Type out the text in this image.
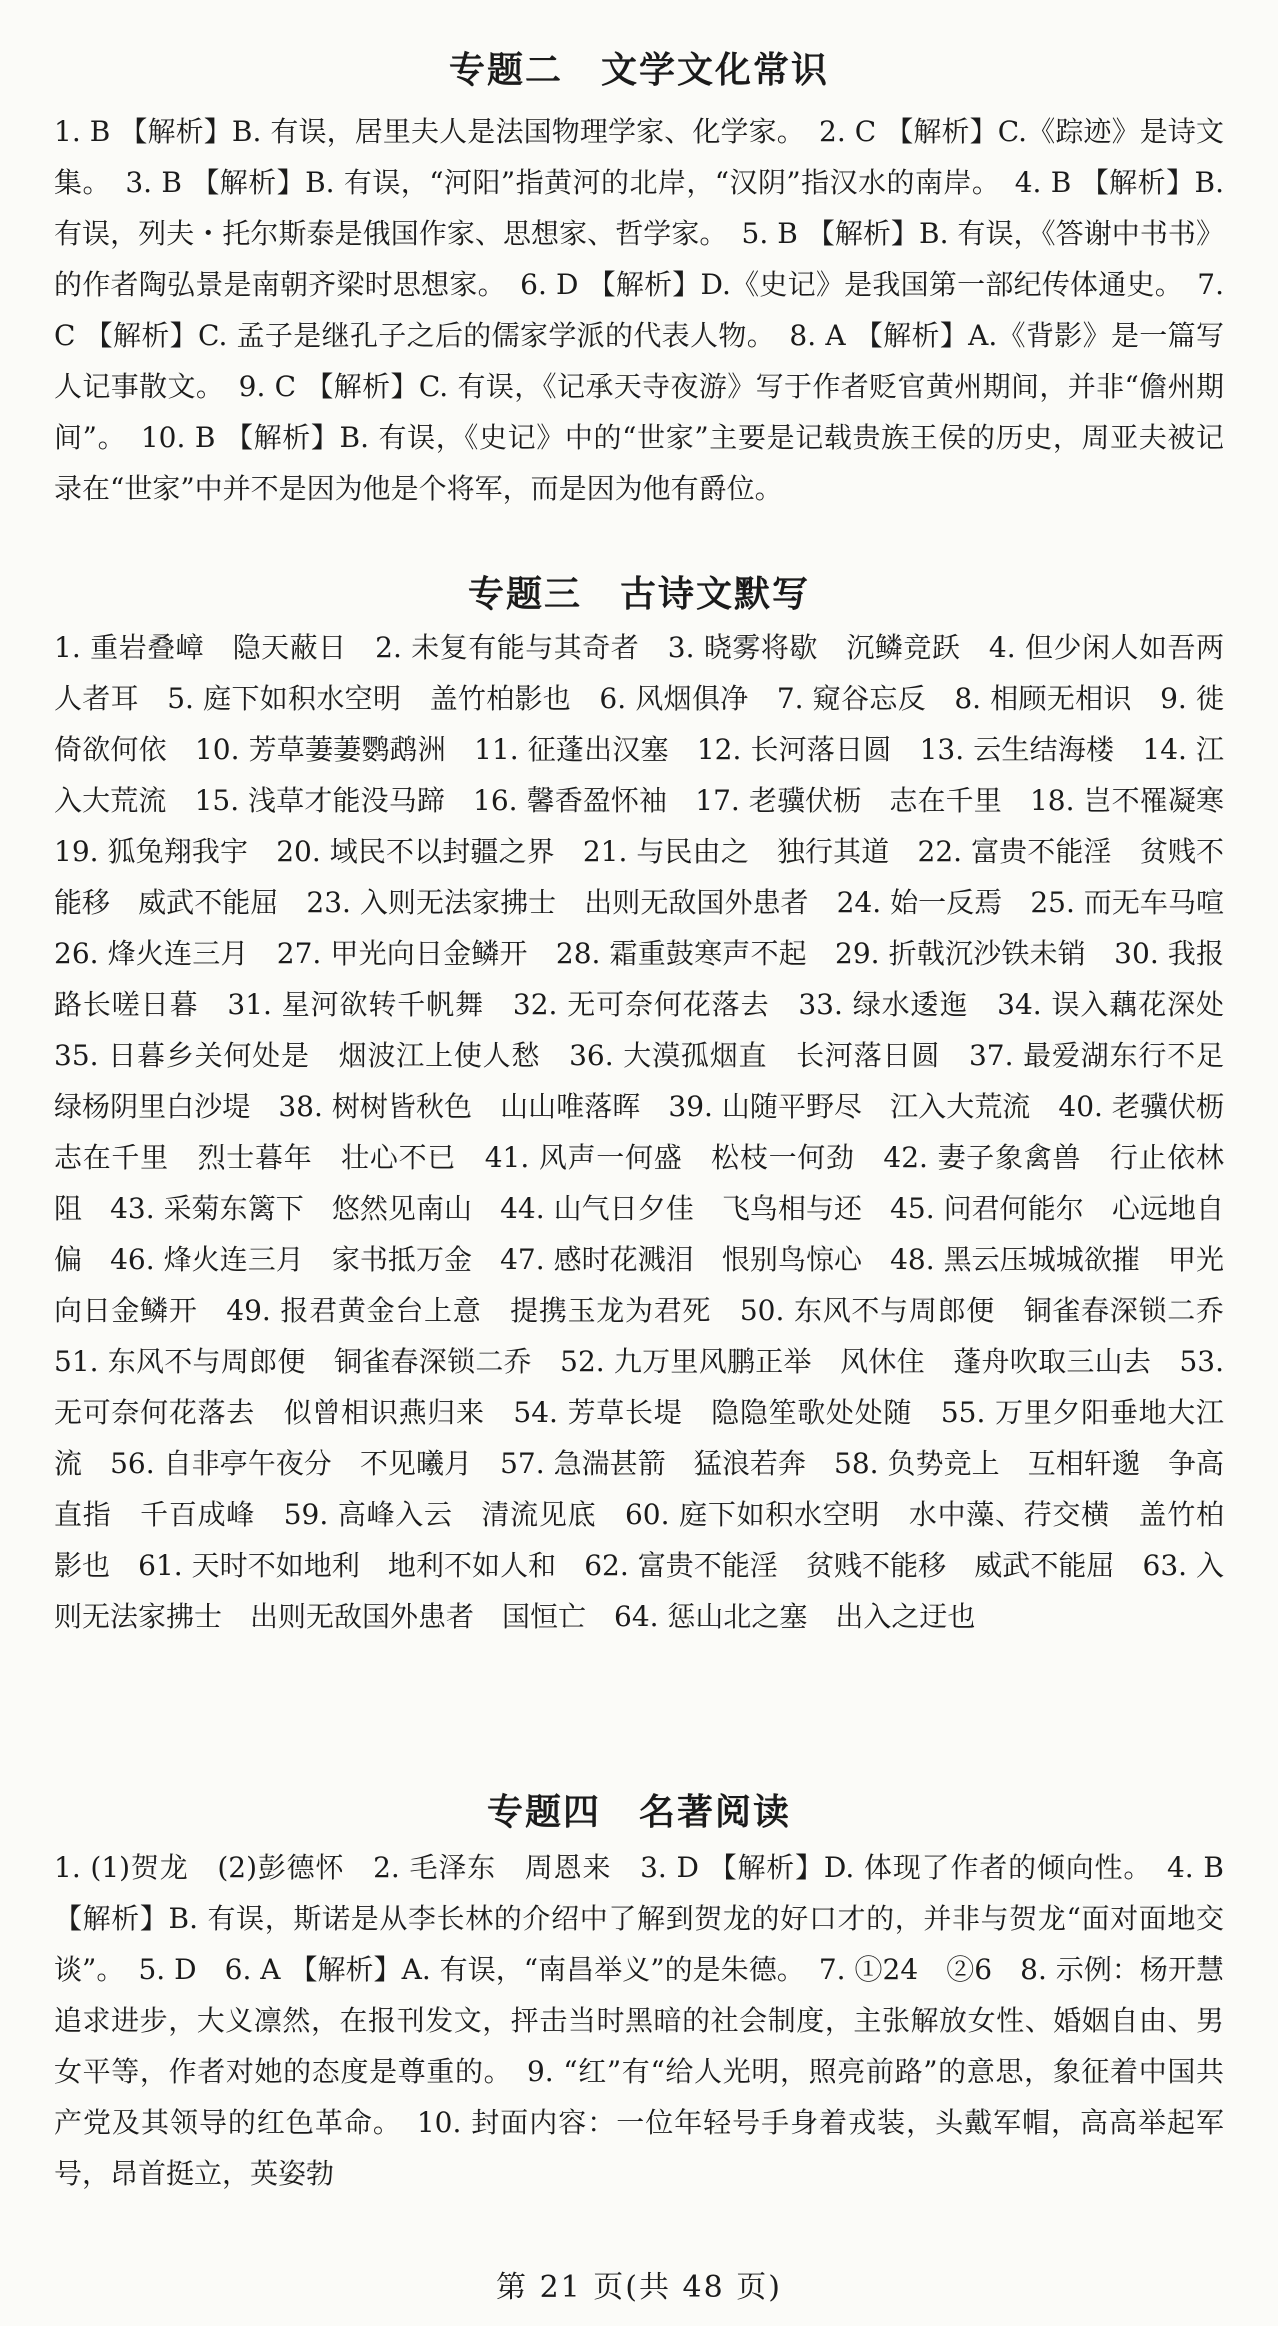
专题二　文学文化常识

1. B 【解析】B. 有误，居里夫人是法国物理学家、化学家。　2. C 【解析】C.《踪迹》是诗文集。　3. B 【解析】B. 有误，“河阳”指黄河的北岸，“汉阴”指汉水的南岸。　4. B 【解析】B. 有误，列夫・托尔斯泰是俄国作家、思想家、哲学家。　5. B 【解析】B. 有误，《答谢中书书》的作者陶弘景是南朝齐梁时思想家。　6. D 【解析】D.《史记》是我国第一部纪传体通史。　7. C 【解析】C. 孟子是继孔子之后的儒家学派的代表人物。　8. A 【解析】A.《背影》是一篇写人记事散文。　9. C 【解析】C. 有误，《记承天寺夜游》写于作者贬官黄州期间，并非“儋州期间”。　10. B 【解析】B. 有误，《史记》中的“世家”主要是记载贵族王侯的历史，周亚夫被记录在“世家”中并不是因为他是个将军，而是因为他有爵位。

专题三　古诗文默写

1. 重岩叠嶂　隐天蔽日　2. 未复有能与其奇者　3. 晓雾将歇　沉鳞竞跃　4. 但少闲人如吾两人者耳　5. 庭下如积水空明　盖竹柏影也　6. 风烟俱净　7. 窥谷忘反　8. 相顾无相识　9. 徙倚欲何依　10. 芳草萋萋鹦鹉洲　11. 征蓬出汉塞　12. 长河落日圆　13. 云生结海楼　14. 江入大荒流　15. 浅草才能没马蹄　16. 馨香盈怀袖　17. 老骥伏枥　志在千里　18. 岂不罹凝寒　19. 狐兔翔我宇　20. 域民不以封疆之界　21. 与民由之　独行其道　22. 富贵不能淫　贫贱不能移　威武不能屈　23. 入则无法家拂士　出则无敌国外患者　24. 始一反焉　25. 而无车马喧　26. 烽火连三月　27. 甲光向日金鳞开　28. 霜重鼓寒声不起　29. 折戟沉沙铁未销　30. 我报路长嗟日暮　31. 星河欲转千帆舞　32. 无可奈何花落去　33. 绿水逶迤　34. 误入藕花深处　35. 日暮乡关何处是　烟波江上使人愁　36. 大漠孤烟直　长河落日圆　37. 最爱湖东行不足　绿杨阴里白沙堤　38. 树树皆秋色　山山唯落晖　39. 山随平野尽　江入大荒流　40. 老骥伏枥　志在千里　烈士暮年　壮心不已　41. 风声一何盛　松枝一何劲　42. 妻子象禽兽　行止依林阻　43. 采菊东篱下　悠然见南山　44. 山气日夕佳　飞鸟相与还　45. 问君何能尔　心远地自偏　46. 烽火连三月　家书抵万金　47. 感时花溅泪　恨别鸟惊心　48. 黑云压城城欲摧　甲光向日金鳞开　49. 报君黄金台上意　提携玉龙为君死　50. 东风不与周郎便　铜雀春深锁二乔　51. 东风不与周郎便　铜雀春深锁二乔　52. 九万里风鹏正举　风休住　蓬舟吹取三山去　53. 无可奈何花落去　似曾相识燕归来　54. 芳草长堤　隐隐笙歌处处随　55. 万里夕阳垂地大江流　56. 自非亭午夜分　不见曦月　57. 急湍甚箭　猛浪若奔　58. 负势竞上　互相轩邈　争高直指　千百成峰　59. 高峰入云　清流见底　60. 庭下如积水空明　水中藻、荇交横　盖竹柏影也　61. 天时不如地利　地利不如人和　62. 富贵不能淫　贫贱不能移　威武不能屈　63. 入则无法家拂士　出则无敌国外患者　国恒亡　64. 惩山北之塞　出入之迂也

专题四　名著阅读

1. (1)贺龙　(2)彭德怀　2. 毛泽东　周恩来　3. D 【解析】D. 体现了作者的倾向性。　4. B 【解析】B. 有误，斯诺是从李长林的介绍中了解到贺龙的好口才的，并非与贺龙“面对面地交谈”。　5. D　6. A 【解析】A. 有误，“南昌举义”的是朱德。　7. ①24　②6　8. 示例：杨开慧追求进步，大义凛然，在报刊发文，抨击当时黑暗的社会制度，主张解放女性、婚姻自由、男女平等，作者对她的态度是尊重的。　9. “红”有“给人光明，照亮前路”的意思，象征着中国共产党及其领导的红色革命。　10. 封面内容：一位年轻号手身着戎装，头戴军帽，高高举起军号，昂首挺立，英姿勃

第 21 页(共 48 页)
